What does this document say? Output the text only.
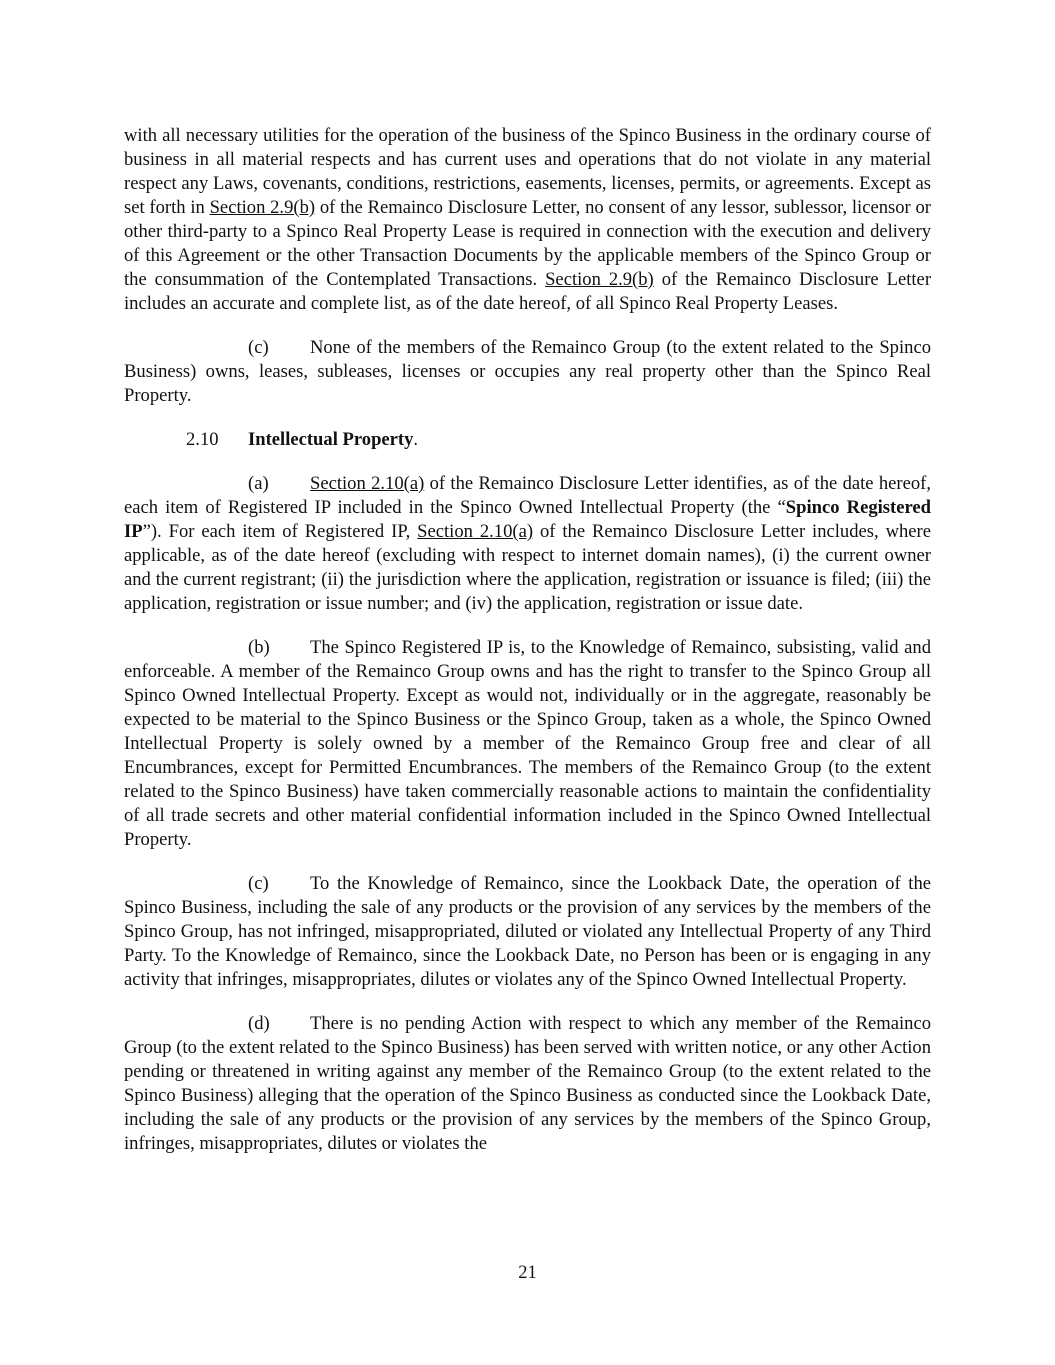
with all necessary utilities for the operation of the business of the Spinco Business in the ordinary course of business in all material respects and has current uses and operations that do not violate in any material respect any Laws, covenants, conditions, restrictions, easements, licenses, permits, or agreements. Except as set forth in Section 2.9(b) of the Remainco Disclosure Letter, no consent of any lessor, sublessor, licensor or other third-party to a Spinco Real Property Lease is required in connection with the execution and delivery of this Agreement or the other Transaction Documents by the applicable members of the Spinco Group or the consummation of the Contemplated Transactions. Section 2.9(b) of the Remainco Disclosure Letter includes an accurate and complete list, as of the date hereof, of all Spinco Real Property Leases.

(c) None of the members of the Remainco Group (to the extent related to the Spinco Business) owns, leases, subleases, licenses or occupies any real property other than the Spinco Real Property.

2.10 Intellectual Property.

(a) Section 2.10(a) of the Remainco Disclosure Letter identifies, as of the date hereof, each item of Registered IP included in the Spinco Owned Intellectual Property (the “Spinco Registered IP”). For each item of Registered IP, Section 2.10(a) of the Remainco Disclosure Letter includes, where applicable, as of the date hereof (excluding with respect to internet domain names), (i) the current owner and the current registrant; (ii) the jurisdiction where the application, registration or issuance is filed; (iii) the application, registration or issue number; and (iv) the application, registration or issue date.

(b) The Spinco Registered IP is, to the Knowledge of Remainco, subsisting, valid and enforceable. A member of the Remainco Group owns and has the right to transfer to the Spinco Group all Spinco Owned Intellectual Property. Except as would not, individually or in the aggregate, reasonably be expected to be material to the Spinco Business or the Spinco Group, taken as a whole, the Spinco Owned Intellectual Property is solely owned by a member of the Remainco Group free and clear of all Encumbrances, except for Permitted Encumbrances. The members of the Remainco Group (to the extent related to the Spinco Business) have taken commercially reasonable actions to maintain the confidentiality of all trade secrets and other material confidential information included in the Spinco Owned Intellectual Property.

(c) To the Knowledge of Remainco, since the Lookback Date, the operation of the Spinco Business, including the sale of any products or the provision of any services by the members of the Spinco Group, has not infringed, misappropriated, diluted or violated any Intellectual Property of any Third Party. To the Knowledge of Remainco, since the Lookback Date, no Person has been or is engaging in any activity that infringes, misappropriates, dilutes or violates any of the Spinco Owned Intellectual Property.

(d) There is no pending Action with respect to which any member of the Remainco Group (to the extent related to the Spinco Business) has been served with written notice, or any other Action pending or threatened in writing against any member of the Remainco Group (to the extent related to the Spinco Business) alleging that the operation of the Spinco Business as conducted since the Lookback Date, including the sale of any products or the provision of any services by the members of the Spinco Group, infringes, misappropriates, dilutes or violates the

21
